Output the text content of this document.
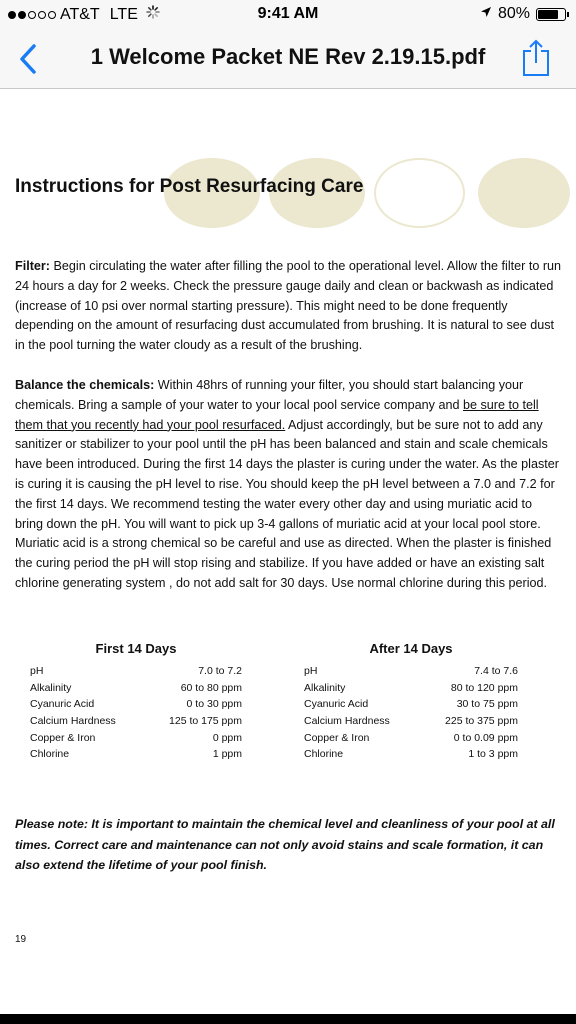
AT&T LTE	9:41 AM	80%
1 Welcome Packet NE Rev 2.19.15.pdf
Instructions for Post Resurfacing Care
Filter: Begin circulating the water after filling the pool to the operational level. Allow the filter to run 24 hours a day for 2 weeks. Check the pressure gauge daily and clean or backwash as indicated (increase of 10 psi over normal starting pressure). This might need to be done frequently depending on the amount of resurfacing dust accumulated from brushing. It is natural to see dust in the pool turning the water cloudy as a result of the brushing.
Balance the chemicals: Within 48hrs of running your filter, you should start balancing your chemicals. Bring a sample of your water to your local pool service company and be sure to tell them that you recently had your pool resurfaced. Adjust accordingly, but be sure not to add any sanitizer or stabilizer to your pool until the pH has been balanced and stain and scale chemicals have been introduced. During the first 14 days the plaster is curing under the water. As the plaster is curing it is causing the pH level to rise. You should keep the pH level between a 7.0 and 7.2 for the first 14 days. We recommend testing the water every other day and using muriatic acid to bring down the pH. You will want to pick up 3-4 gallons of muriatic acid at your local pool store. Muriatic acid is a strong chemical so be careful and use as directed. When the plaster is finished the curing period the pH will stop rising and stabilize. If you have added or have an existing salt chlorine generating system , do not add salt for 30 days. Use normal chlorine during this period.
First 14 Days
pH	7.0 to 7.2
Alkalinity	60 to 80 ppm
Cyanuric Acid	0 to 30 ppm
Calcium Hardness	125 to 175 ppm
Copper & Iron	0 ppm
Chlorine	1 ppm
After 14 Days
pH	7.4 to 7.6
Alkalinity	80 to 120 ppm
Cyanuric Acid	30 to 75 ppm
Calcium Hardness	225 to 375 ppm
Copper & Iron	0 to 0.09 ppm
Chlorine	1 to 3 ppm
Please note: It is important to maintain the chemical level and cleanliness of your pool at all times. Correct care and maintenance can not only avoid stains and scale formation, it can also extend the lifetime of your pool finish.
19
